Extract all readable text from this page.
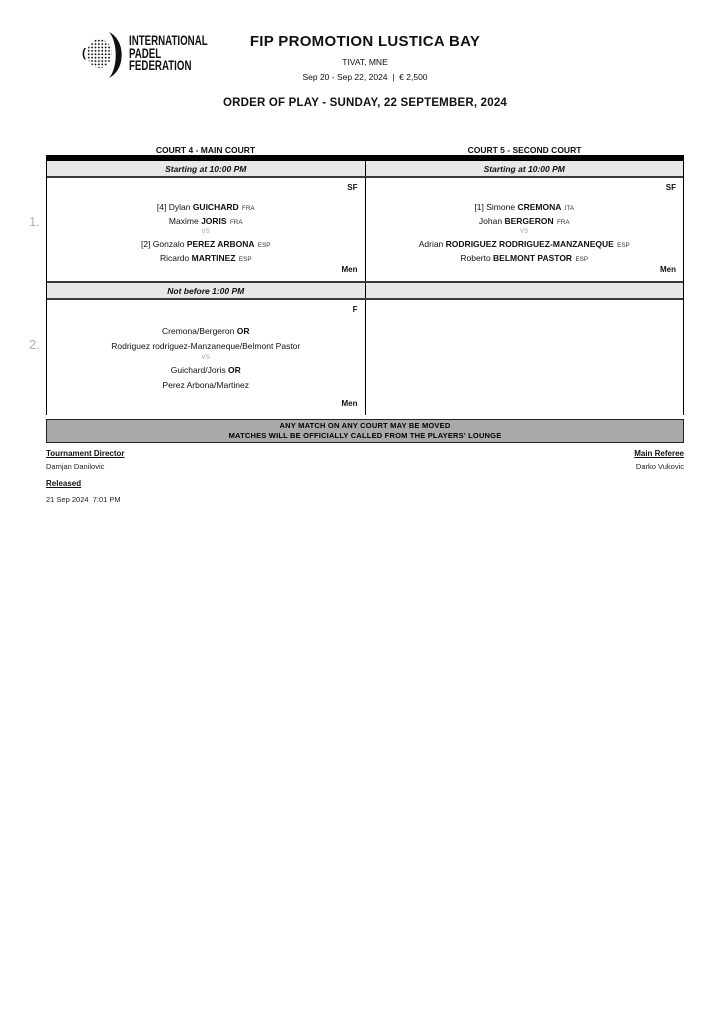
(
INTERNATIONAL
PADEL
FEDERATION
FIP PROMOTION LUSTICA BAY
TIVAT, MNE
Sep 20 - Sep 22, 2024  |  € 2,500
ORDER OF PLAY - SUNDAY, 22 SEPTEMBER, 2024
COURT 4 - MAIN COURT	COURT 5 - SECOND COURT
Starting at 10:00 PM	Starting at 10:00 PM
SF
[4] Dylan GUICHARD FRA
Maxime JORIS FRA
VS
[2] Gonzalo PEREZ ARBONA ESP
Ricardo MARTINEZ ESP
Men
SF
[1] Simone CREMONA ITA
Johan BERGERON FRA
VS
Adrian RODRIGUEZ RODRIGUEZ-MANZANEQUE ESP
Roberto BELMONT PASTOR ESP
Men
Not before 1:00 PM
F
Cremona/Bergeron OR
Rodriguez rodriguez-Manzaneque/Belmont Pastor
VS
Guichard/Joris OR
Perez Arbona/Martinez
Men
1.
2.
ANY MATCH ON ANY COURT MAY BE MOVED
MATCHES WILL BE OFFICIALLY CALLED FROM THE PLAYERS' LOUNGE
Tournament Director
Damjan Danilovic
Released
21 Sep 2024  7:01 PM
Main Referee
Darko Vukovic
